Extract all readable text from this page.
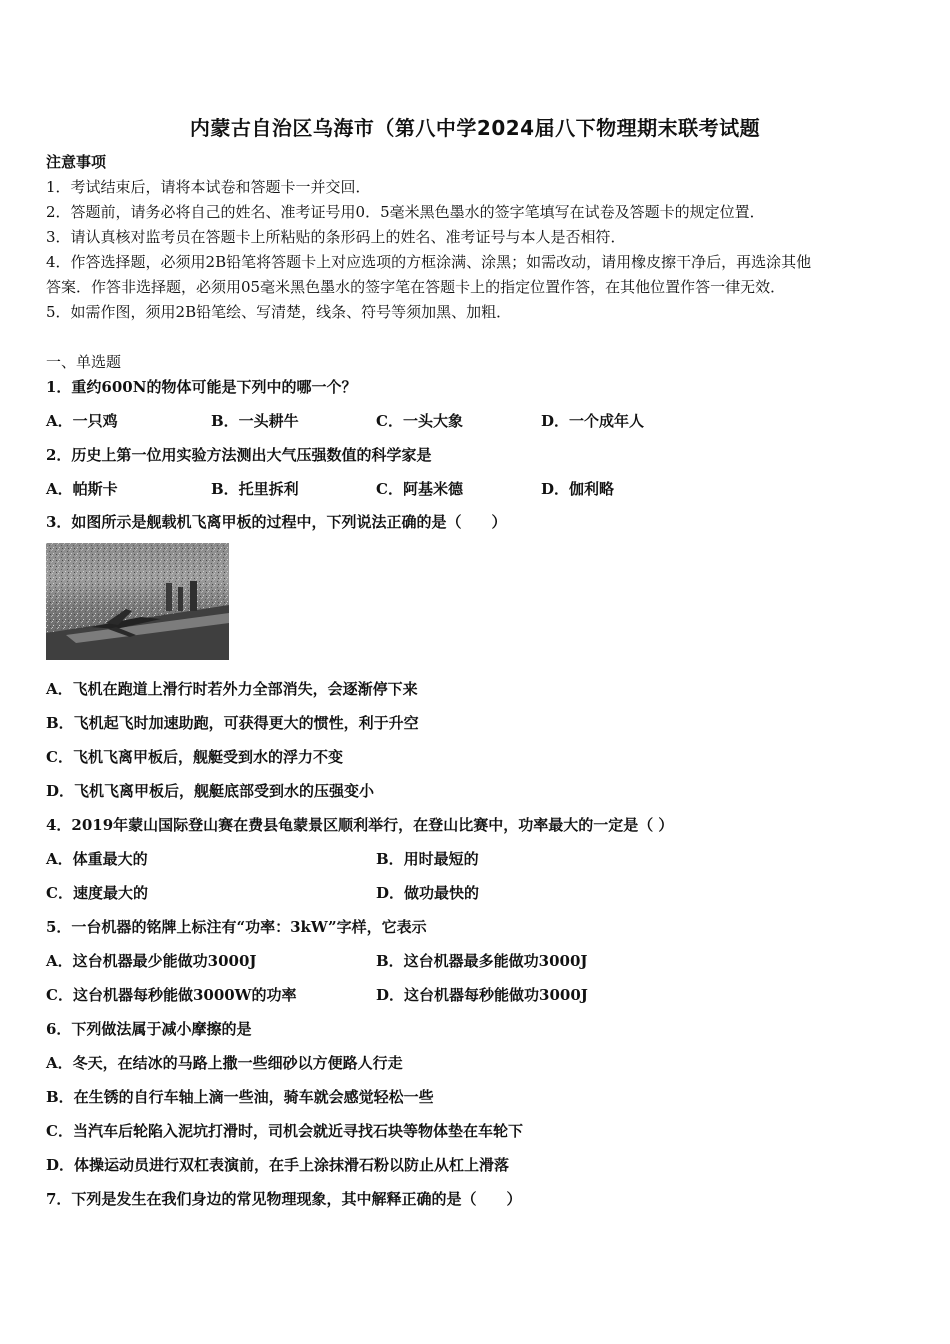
内蒙古自治区乌海市（第八中学2024届八下物理期末联考试题
注意事项
1．考试结束后，请将本试卷和答题卡一并交回．
2．答题前，请务必将自己的姓名、准考证号用0．5毫米黑色墨水的签字笔填写在试卷及答题卡的规定位置．
3．请认真核对监考员在答题卡上所粘贴的条形码上的姓名、准考证号与本人是否相符．
4．作答选择题，必须用2B铅笔将答题卡上对应选项的方框涂满、涂黑；如需改动，请用橡皮擦干净后，再选涂其他
答案．作答非选择题，必须用05毫米黑色墨水的签字笔在答题卡上的指定位置作答，在其他位置作答一律无效．
5．如需作图，须用2B铅笔绘、写清楚，线条、符号等须加黑、加粗．
一、单选题
1．重约600N的物体可能是下列中的哪一个？
A．一只鸡	B．一头耕牛	C．一头大象	D．一个成年人
2．历史上第一位用实验方法测出大气压强数值的科学家是
A．帕斯卡	B．托里拆利	C．阿基米德	D．伽利略
3．如图所示是舰载机飞离甲板的过程中，下列说法正确的是（　　）
A．飞机在跑道上滑行时若外力全部消失，会逐渐停下来
B．飞机起飞时加速助跑，可获得更大的惯性，利于升空
C．飞机飞离甲板后，舰艇受到水的浮力不变
D．飞机飞离甲板后，舰艇底部受到水的压强变小
4．2019年蒙山国际登山赛在费县龟蒙景区顺利举行，在登山比赛中，功率最大的一定是（ ）
A．体重最大的	B．用时最短的
C．速度最大的	D．做功最快的
5．一台机器的铭牌上标注有“功率：3kW”字样，它表示
A．这台机器最少能做功3000J	B．这台机器最多能做功3000J
C．这台机器每秒能做3000W的功率	D．这台机器每秒能做功3000J
6．下列做法属于减小摩擦的是
A．冬天，在结冰的马路上撒一些细砂以方便路人行走
B．在生锈的自行车轴上滴一些油，骑车就会感觉轻松一些
C．当汽车后轮陷入泥坑打滑时，司机会就近寻找石块等物体垫在车轮下
D．体操运动员进行双杠表演前，在手上涂抹滑石粉以防止从杠上滑落
7．下列是发生在我们身边的常见物理现象，其中解释正确的是（　　）
